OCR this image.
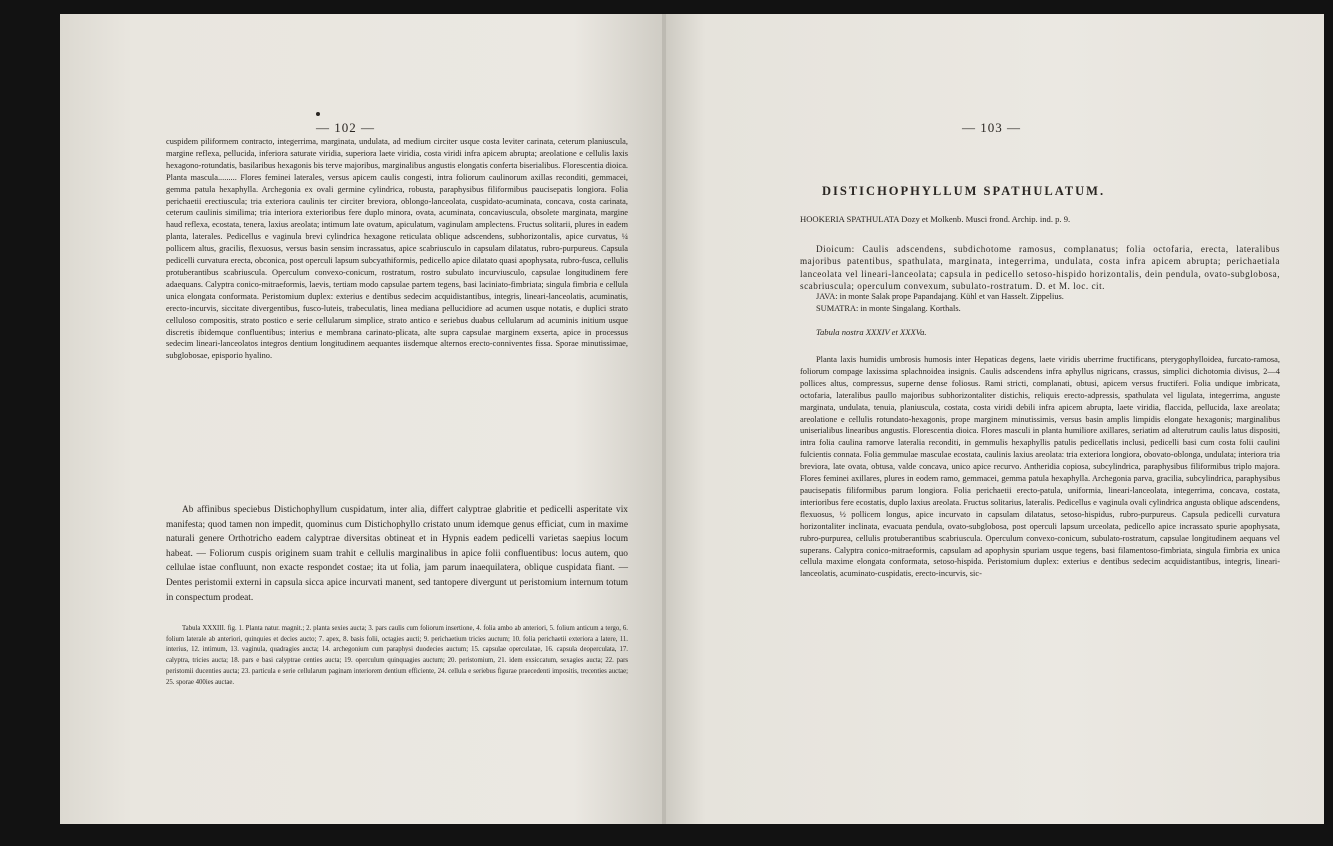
— 102 —
cuspidem piliformem contracto, integerrima, marginata, undulata, ad medium circiter usque costa leviter carinata, ceterum planiuscula, margine reflexa, pellucida, inferiora saturate viridia, superiora laete viridia, costa viridi infra apicem abrupta; areolatione e cellulis laxis hexagono-rotundatis, basilaribus hexagonis bis terve majoribus, marginalibus angustis elongatis conferta biserialibus. Florescentia dioica. Planta mascula......... Flores feminei laterales, versus apicem caulis congesti, intra foliorum caulinorum axillas reconditi, gemmacei, gemma patula hexaphylla. Archegonia ex ovali germine cylindrica, robusta, paraphysibus filiformibus paucisepatis longiora. Folia perichaetii erectiuscula; tria exteriora caulinis ter circiter breviora, oblongo-lanceolata, cuspidato-acuminata, concava, costa carinata, ceterum caulinis similima; tria interiora exterioribus fere duplo minora, ovata, acuminata, concaviuscula, obsolete marginata, margine haud reflexa, ecostata, tenera, laxius areolata; intimum late ovatum, apiculatum, vaginulam amplectens. Fructus solitarii, plures in eadem planta, laterales. Pedicellus e vaginula brevi cylindrica hexagone reticulata oblique adscendens, subhorizontalis, apice curvatus, ¼ pollicem altus, gracilis, flexuosus, versus basin sensim incrassatus, apice scabriusculo in capsulam dilatatus, rubro-purpureus. Capsula pedicelli curvatura erecta, obconica, post operculi lapsum subcyathiformis, pedicello apice dilatato quasi apophysata, rubro-fusca, cellulis protuberantibus scabriuscula. Operculum convexo-conicum, rostratum, rostro subulato incurviusculo, capsulae longitudinem fere adaequans. Calyptra conico-mitraeformis, laevis, tertiam modo capsulae partem tegens, basi laciniato-fimbriata; singula fimbria e cellula unica elongata conformata. Peristomium duplex: exterius e dentibus sedecim acquidistantibus, integris, lineari-lanceolatis, acuminatis, erecto-incurvis, siccitate divergentibus, fusco-luteis, trabeculatis, linea mediana pellucidiore ad acumen usque notatis, e duplici strato celluloso compositis, strato postico e serie cellularum simplice, strato antico e seriebus duabus cellularum ad acuminis initium usque discretis ibidemque confluentibus; interius e membrana carinato-plicata, alte supra capsulae marginem exserta, apice in processus sedecim lineari-lanceolatos integros dentium longitudinem aequantes iisdemque alternos erecto-conniventes fissa. Sporae minutissimae, subglobosae, episporio hyalino.
Ab affinibus speciebus Distichophyllum cuspidatum, inter alia, differt calyptrae glabritie et pedicelli asperitate vix manifesta; quod tamen non impedit, quominus cum Distichophyllo cristato unum idemque genus efficiat, cum in maxime naturali genere Orthotricho eadem calyptrae diversitas obtineat et in Hypnis eadem pedicelli varietas saepius locum habeat. — Foliorum cuspis originem suam trahit e cellulis marginalibus in apice folii confluentibus: locus autem, quo cellulae istae confluunt, non exacte respondet costae; ita ut folia, jam parum inaequilatera, oblique cuspidata fiant. — Dentes peristomii externi in capsula sicca apice incurvati manent, sed tantopere divergunt ut peristomium internum totum in conspectum prodeat.
Tabula XXXIII. fig. 1. Planta natur. magnit.; 2. planta sexies aucta; 3. pars caulis cum foliorum insertione, 4. folia ambo ab anteriori, 5. folium anticum a tergo, 6. folium laterale ab anteriori, quinquies et decies aucto; 7. apex, 8. basis folii, octagies aucti; 9. perichaetium tricies auctum; 10. folia perichaetii exteriora a latere, 11. interius, 12. intimum, 13. vaginula, quadragies aucta; 14. archegonium cum paraphysi duodecies auctum; 15. capsulae operculatae, 16. capsula deoperculata, 17. calyptra, tricies aucta; 18. pars e basi calyptrae centies aucta; 19. operculum quinquagies auctum; 20. peristomium, 21. idem exsiccatum, sexagies aucta; 22. pars peristomii ducenties aucta; 23. particula e serie cellularum paginam interiorem dentium efficiente, 24. cellula e seriebus figurae praecedenti impositis, trecenties auctae; 25. sporae 400ies auctae.
— 103 —
DISTICHOPHYLLUM SPATHULATUM.
HOOKERIA SPATHULATA Dozy et Molkenb. Musci frond. Archip. ind. p. 9.
Dioicum: Caulis adscendens, subdichotome ramosus, complanatus; folia octofaria, erecta, lateralibus majoribus patentibus, spathulata, marginata, integerrima, undulata, costa infra apicem abrupta; perichaetiala lanceolata vel lineari-lanceolata; capsula in pedicello setoso-hispido horizontalis, dein pendula, ovato-subglobosa, scabriuscula; operculum convexum, subulato-rostratum. D. et M. loc. cit.

JAVA: in monte Salak prope Papandajang. Kühl et van Hasselt. Zippelius.

SUMATRA: in monte Singalang. Korthals.

Tabula nostra XXXIV et XXXVa.
Planta laxis humidis umbrosis humosis inter Hepaticas degens, laete viridis uberrime fructificans, pterygophylloidea, furcato-ramosa, foliorum compage laxissima splachnoidea insignis. Caulis adscendens infra aphyllus nigricans, crassus, simplici dichotomia divisus, 2—4 pollices altus, compressus, superne dense foliosus. Rami stricti, complanati, obtusi, apicem versus fructiferi. Folia undique imbricata, octofaria, lateralibus paullo majoribus subhorizontaliter distichis, reliquis erecto-adpressis, spathulata vel ligulata, integerrima, anguste marginata, undulata, tenuia, planiuscula, costata, costa viridi debili infra apicem abrupta, laete viridia, flaccida, pellucida, laxe areolata; areolatione e cellulis rotundato-hexagonis, prope marginem minutissimis, versus basin amplis limpidis elongate hexagonis; marginalibus uniserialibus linearibus angustis. Florescentia dioica. Flores masculi in planta humiliore axillares, seriatim ad alterutrum caulis latus dispositi, intra folia caulina ramorve lateralia reconditi, in gemmulis hexaphyllis patulis pedicellatis inclusi, pedicelli basi cum costa folii caulini fulcientis connata. Folia gemmulae masculae ecostata, caulinis laxius areolata: tria exteriora longiora, obovato-oblonga, undulata; interiora tria breviora, late ovata, obtusa, valde concava, unico apice recurvo. Antheridia copiosa, subcylindrica, paraphysibus filiformibus triplo majora. Flores feminei axillares, plures in eodem ramo, gemmacei, gemma patula hexaphylla. Archegonia parva, gracilia, subcylindrica, paraphysibus paucisepatis filiformibus parum longiora. Folia perichaetii erecto-patula, uniformia, lineari-lanceolata, integerrima, concava, costata, interioribus fere ecostatis, duplo laxius areolata. Fructus solitarius, lateralis. Pedicellus e vaginula ovali cylindrica angusta oblique adscendens, flexuosus, ½ pollicem longus, apice incurvato in capsulam dilatatus, setoso-hispidus, rubro-purpureus. Capsula pedicelli curvatura horizontaliter inclinata, evacuata pendula, ovato-subglobosa, post operculi lapsum urceolata, pedicello apice incrassato spurie apophysata, rubro-purpurea, cellulis protuberantibus scabriuscula. Operculum convexo-conicum, subulato-rostratum, capsulae longitudinem aequans vel superans. Calyptra conico-mitraeformis, capsulam ad apophysin spuriam usque tegens, basi filamentoso-fimbriata, singula fimbria ex unica cellula maxime elongata conformata, setoso-hispida. Peristomium duplex: exterius e dentibus sedecim acquidistantibus, integris, lineari-lanceolatis, acuminato-cuspidatis, erecto-incurvis, sic-
